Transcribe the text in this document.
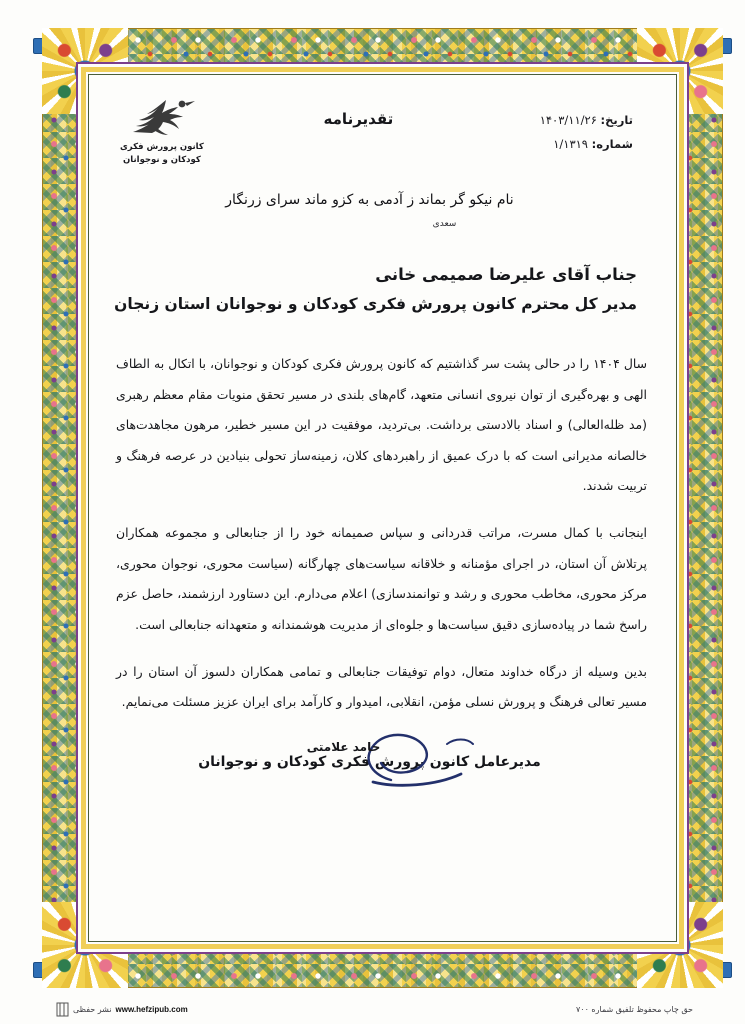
تاریخ: ۱۴۰۳/۱۱/۲۶
شماره: ۱/۱۳۱۹
تقدیرنامه
کانون پرورش فکری
کودکان و نوجوانان
نام نیکو گر بماند ز آدمی به کزو ماند سرای زرنگار
سعدی
جناب آقای علیرضا صمیمی خانی
مدیر کل محترم کانون پرورش فکری کودکان و نوجوانان استان زنجان

سال ۱۴۰۴ را در حالی پشت سر گذاشتیم که کانون پرورش فکری کودکان و نوجوانان، با اتکال به الطاف الهی و بهره‌گیری از توان نیروی انسانی متعهد، گام‌های بلندی در مسیر تحقق منویات مقام معظم رهبری (مد ظله‌العالی) و اسناد بالادستی برداشت. بی‌تردید، موفقیت در این مسیر خطیر، مرهون مجاهدت‌های خالصانه مدیرانی است که با درک عمیق از راهبردهای کلان، زمینه‌ساز تحولی بنیادین در عرصه فرهنگ و تربیت شدند.

اینجانب با کمال مسرت، مراتب قدردانی و سپاس صمیمانه خود را از جنابعالی و مجموعه همکاران پرتلاش آن استان، در اجرای مؤمنانه و خلاقانه سیاست‌های چهارگانه (سیاست محوری، نوجوان محوری، مرکز محوری، مخاطب محوری و رشد و توانمندسازی) اعلام می‌دارم. این دستاورد ارزشمند، حاصل عزم راسخ شما در پیاده‌سازی دقیق سیاست‌ها و جلوه‌ای از مدیریت هوشمندانه و متعهدانه جنابعالی است.

بدین وسیله از درگاه خداوند متعال، دوام توفیقات جنابعالی و تمامی همکاران دلسوز آن استان را در مسیر تعالی فرهنگ و پرورش نسلی مؤمن، انقلابی، امیدوار و کارآمد برای ایران عزیز مسئلت می‌نمایم.

حامد علامتی
مدیرعامل کانون پرورش فکری کودکان و نوجوانان
حق چاپ محفوظ تلفیق شماره ۷۰۰
www.hefzipub.com
نشر حفظی
